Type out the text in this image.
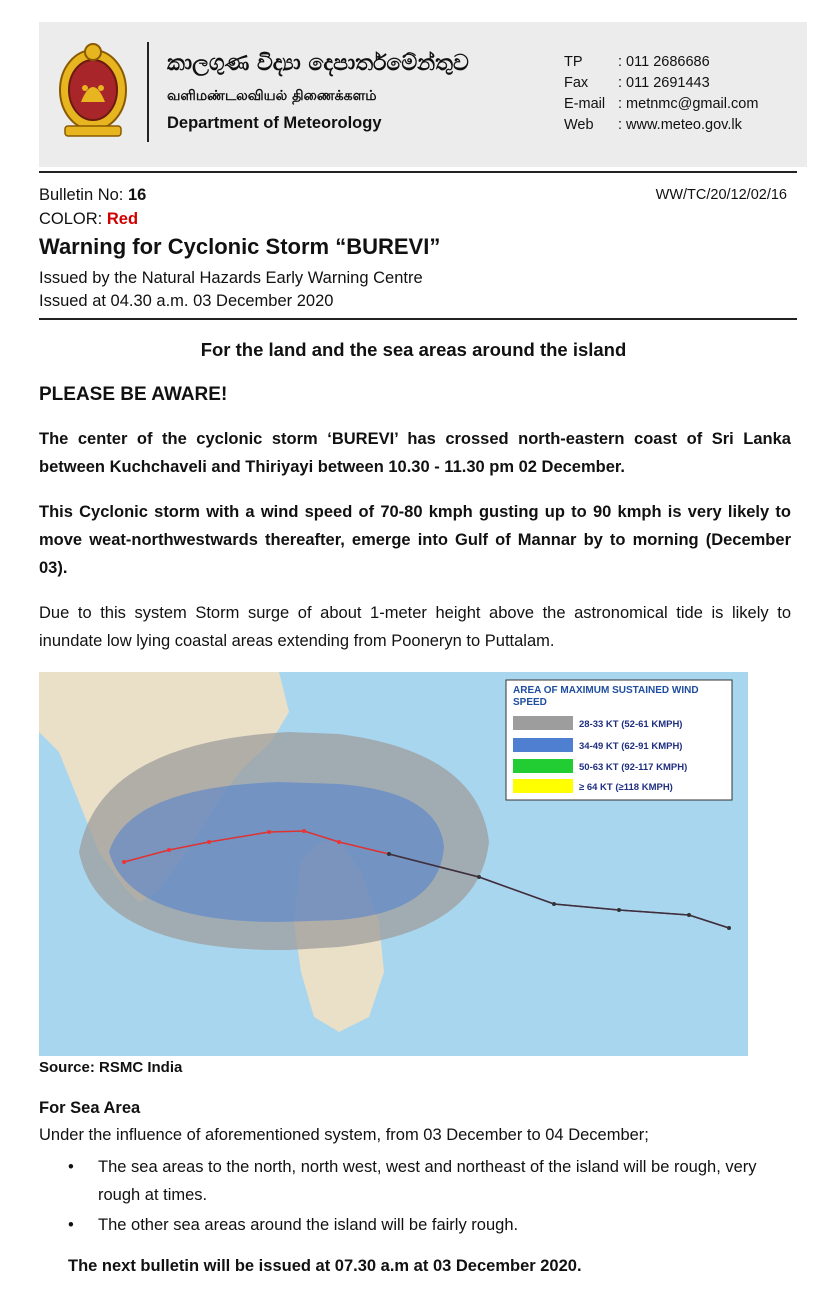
කාලගුණ විද්‍යා දෙපාර්තමේන්තුව
வளிமண்டலவியல் திணைக்களம்
Department of Meteorology
TP	: 011 2686686
Fax	: 011 2691443
E-mail : metnmc@gmail.com
Web	: www.meteo.gov.lk
Bulletin No: 16	WW/TC/20/12/02/16
COLOR: Red
Warning for Cyclonic Storm “BUREVI”
Issued by the Natural Hazards Early Warning Centre
Issued at 04.30 a.m. 03 December 2020
For the land and the sea areas around the island
PLEASE BE AWARE!
The center of the cyclonic storm ‘BUREVI’ has crossed north-eastern coast of Sri Lanka between Kuchchaveli and Thiriyayi between 10.30 - 11.30 pm 02 December.
This Cyclonic storm with a wind speed of 70-80 kmph gusting up to 90 kmph is very likely to move weat-northwestwards thereafter, emerge into Gulf of Mannar by to morning (December 03).
Due to this system Storm surge of about 1-meter height above the astronomical tide is likely to inundate low lying coastal areas extending from Pooneryn to Puttalam.
AREA OF MAXIMUM SUSTAINED WIND
SPEED
28-33 KT (52-61 KMPH)
34-49 KT (62-91 KMPH)
50-63 KT (92-117 KMPH)
≥ 64 KT (≥118 KMPH)
Source: RSMC India
For Sea Area
Under the influence of aforementioned system, from 03 December to 04 December;
• The sea areas to the north, north west, west and northeast of the island will be rough, very rough at times.
• The other sea areas around the island will be fairly rough.
The next bulletin will be issued at 07.30 a.m at 03 December 2020.
